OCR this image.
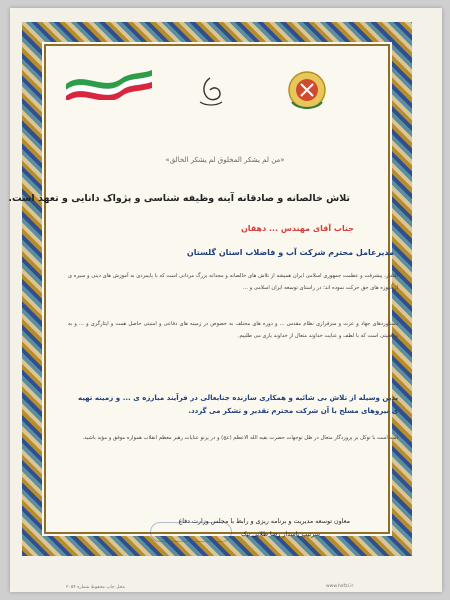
«من لم یشکر المخلوق لم یشکر الخالق»
تلاش خالصانه و صادقانه آینه وظیفه شناسی و پژواک دانایی و تعهد است.
جناب آقای مهندس ... دهقان
مدیرعامل محترم شرکت آب و فاضلاب استان گلستان
اقتدار، پیشرفت و عظمت جمهوری اسلامی ایران همیشه از تلاش های خالصانه و مجدانه بزرگ مردانی است که با پایمردی به آموزش های دینی و سیره ی از آموزه های حق حرکت نموده اند؛ در راستای توسعه ایران اسلامی و ...
دستاوردهای جهاد و عزت و سرفرازی نظام مقدس ... و دوره های مختلف به خصوص در زمینه های دفاعی و امنیتی حاصل همت و ایثارگری و ... و به موفقیتی است که با لطف و عنایت خداوند متعال از خداوند یاری می طلبیم.
بدین وسیله از تلاش بی شائبه و همکاری سازنده جنابعالی در فرآیند مبارزه ی ... و زمینه تهیه ی نیروهای مسلح با آن شرکت محترم تقدیر و تشکر می گردد.
امید است با توکل بر پروردگار متعال در ظل توجهات حضرت بقیه الله الاعظم (عج) و در پرتو عنایات رهبر معظم انقلاب همواره موفق و مؤید باشید.
معاون توسعه مدیریت و برنامه ریزی و رابط با مجلس وزارت دفاع
سرتیپ پاسدار رضا طلایی نیک
محل چاپ محفوظ شماره ۲۰۵۴	www.hefzi.ir
